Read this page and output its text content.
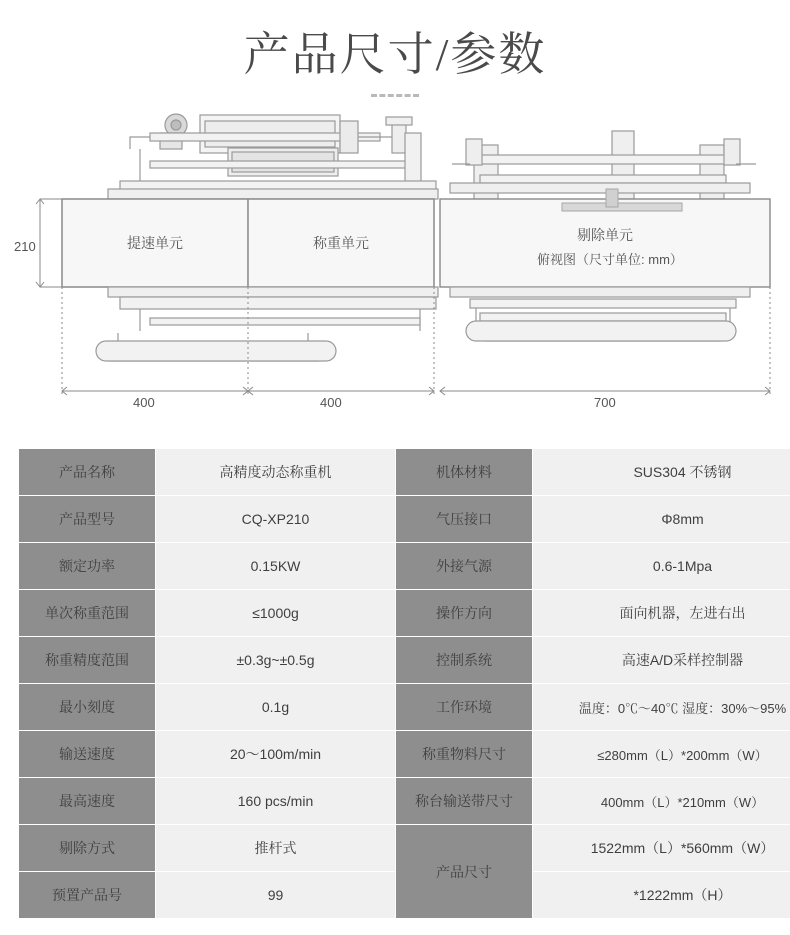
产品尺寸/参数
210
400	400	700
提速单元	称重单元	剔除单元
俯视图（尺寸单位: mm）
产品名称	高精度动态称重机	机体材料	SUS304 不锈钢
产品型号	CQ-XP210	气压接口	Φ8mm
额定功率	0.15KW	外接气源	0.6-1Mpa
单次称重范围	≤1000g	操作方向	面向机器，左进右出
称重精度范围	±0.3g~±0.5g	控制系统	高速A/D采样控制器
最小刻度	0.1g	工作环境	温度：0℃～40℃ 湿度：30%～95%
输送速度	20～100m/min	称重物料尺寸	≤280mm（L）*200mm（W）
最高速度	160 pcs/min	称台输送带尺寸	400mm（L）*210mm（W）
剔除方式	推杆式	产品尺寸	1522mm（L）*560mm（W）
预置产品号	99		*1222mm（H）
